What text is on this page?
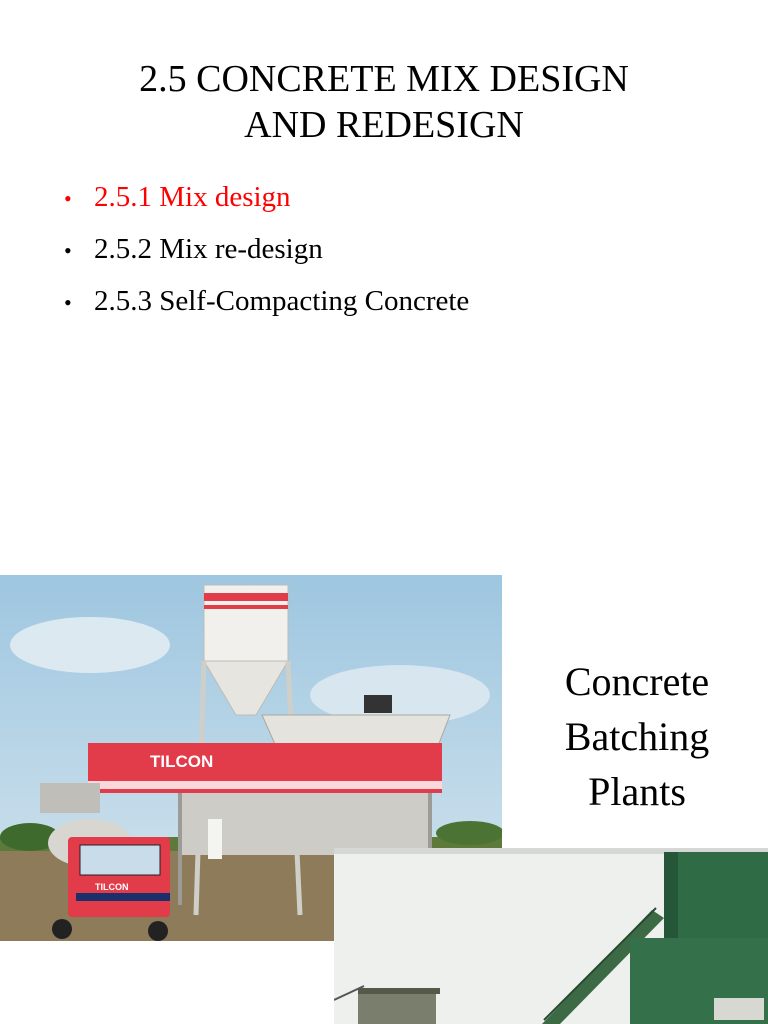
2.5 CONCRETE MIX DESIGN
AND REDESIGN
• 2.5.1 Mix design
• 2.5.2 Mix re-design
• 2.5.3 Self-Compacting Concrete
TILCON
TILCON
Concrete
Batching
Plants
